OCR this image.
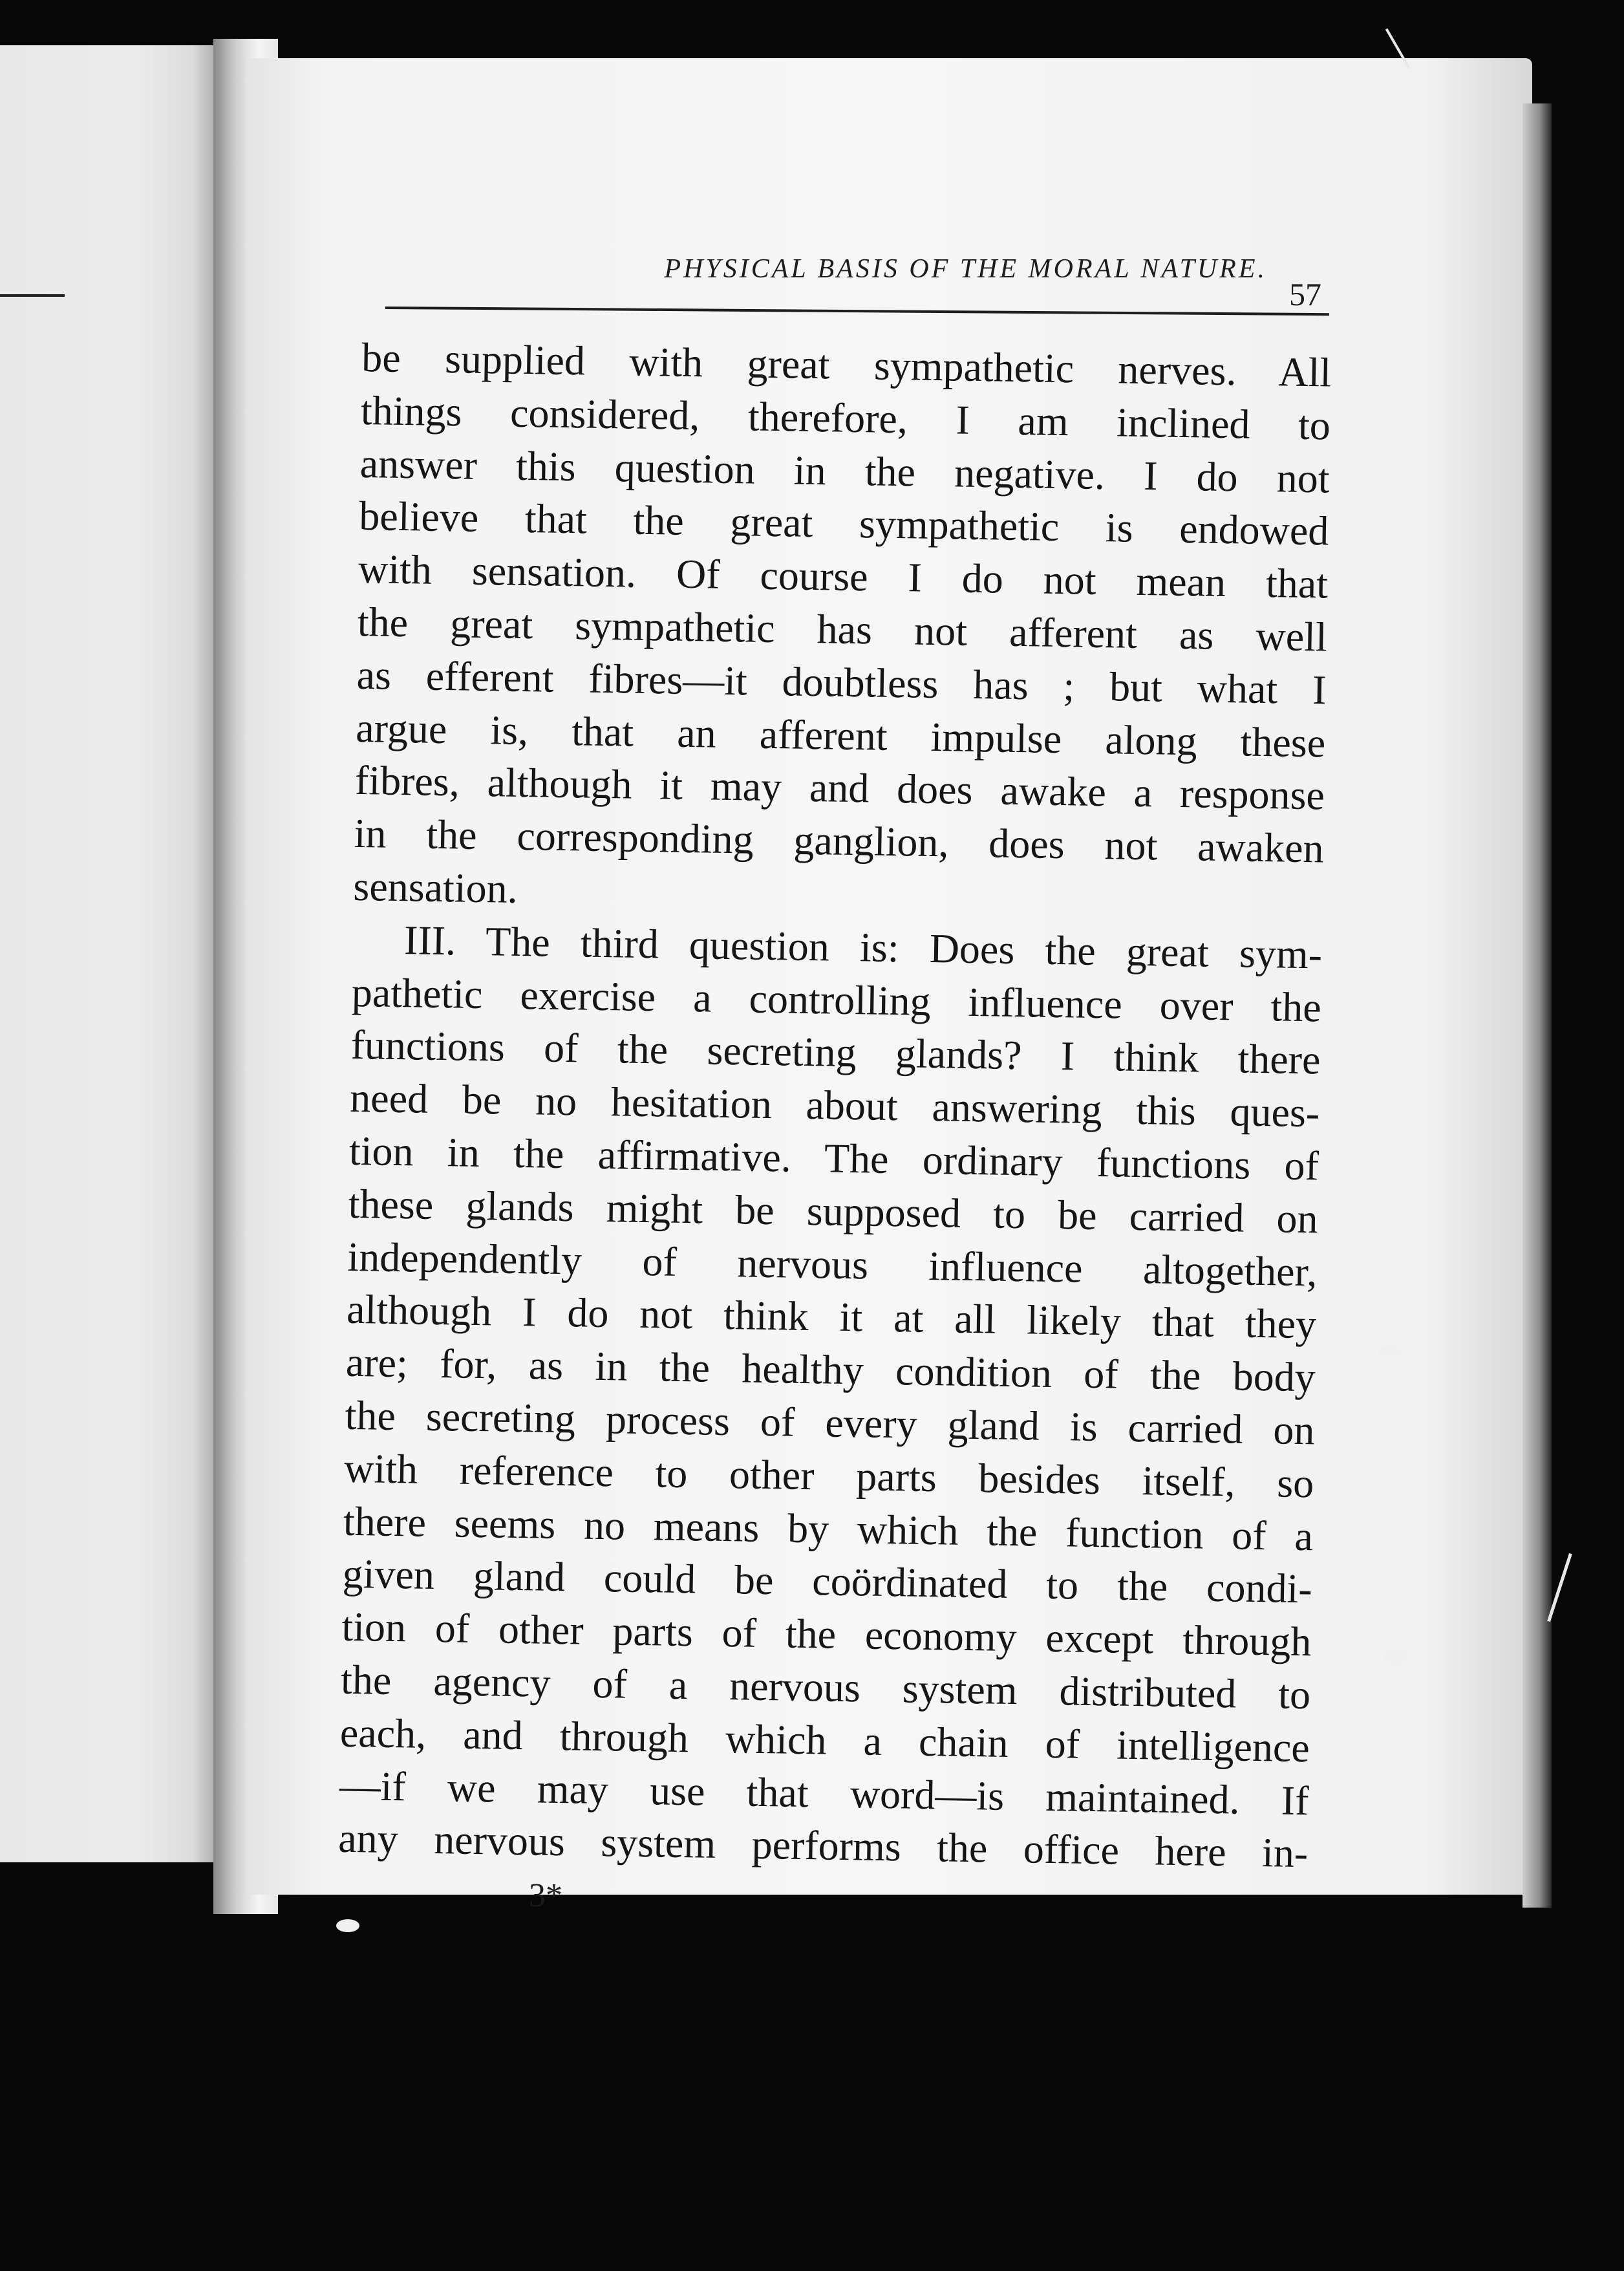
PHYSICAL BASIS OF THE MORAL NATURE.
57
be supplied with great sympathetic nerves. All
things considered, therefore, I am inclined to
answer this question in the negative. I do not
believe that the great sympathetic is endowed
with sensation. Of course I do not mean that
the great sympathetic has not afferent as well
as efferent fibres—it doubtless has ; but what I
argue is, that an afferent impulse along these
fibres, although it may and does awake a response
in the corresponding ganglion, does not awaken
sensation.
III. The third question is: Does the great sym-
pathetic exercise a controlling influence over the
functions of the secreting glands? I think there
need be no hesitation about answering this ques-
tion in the affirmative. The ordinary functions of
these glands might be supposed to be carried on
independently of nervous influence altogether,
although I do not think it at all likely that they
are; for, as in the healthy condition of the body
the secreting process of every gland is carried on
with reference to other parts besides itself, so
there seems no means by which the function of a
given gland could be coördinated to the condi-
tion of other parts of the economy except through
the agency of a nervous system distributed to
each, and through which a chain of intelligence
—if we may use that word—is maintained. If
any nervous system performs the office here in-
3*
